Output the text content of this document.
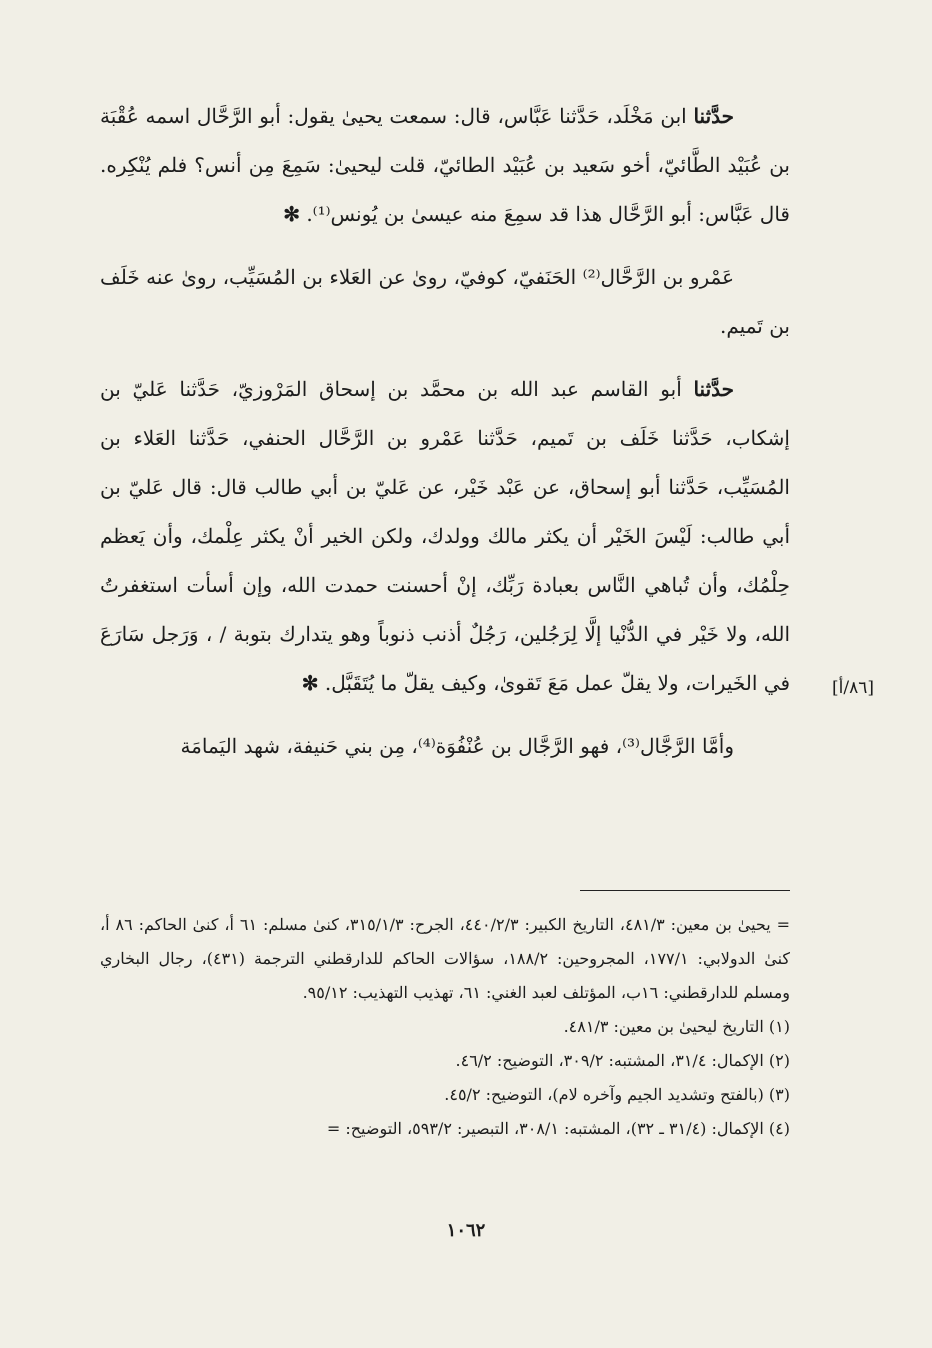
حدَّثنا ابن مَخْلَد، حَدَّثنا عَبَّاس، قال: سمعت يحيىٰ يقول: أبو الرَّحَّال اسمه عُقْبَة بن عُبَيْد الطَّائيّ، أخو سَعيد بن عُبَيْد الطائيّ، قلت ليحيىٰ: سَمِعَ مِن أنس؟ فلم يُنْكِره. قال عَبَّاس: أبو الرَّحَّال هذا قد سمِعَ منه عيسىٰ بن يُونس⁽¹⁾. ✻

عَمْرو بن الرَّحَّال⁽²⁾ الحَنَفيّ، كوفيّ، روىٰ عن العَلاء بن المُسَيِّب، روىٰ عنه خَلَف بن تَميم.

حدَّثنا أبو القاسم عبد الله بن محمَّد بن إسحاق المَرْوزيّ، حَدَّثنا عَليّ بن إشكاب، حَدَّثنا خَلَف بن تَميم، حَدَّثنا عَمْرو بن الرَّحَّال الحنفي، حَدَّثنا العَلاء بن المُسَيِّب، حَدَّثنا أبو إسحاق، عن عَبْد خَيْر، عن عَليّ بن أبي طالب قال: قال عَليّ بن أبي طالب: لَيْسَ الخَيْر أن يكثر مالك وولدك، ولكن الخير أنْ يكثر عِلْمك، وأن يَعظم حِلْمُك، وأن تُباهي النَّاس بعبادة رَبِّك، إنْ أحسنت حمدت الله، وإن أسأت استغفرتُ الله، ولا خَيْر في الدُّنْيا إلَّا لِرَجُلين، رَجُلٌ أذنب ذنوباً وهو يتدارك بتوبة / ، وَرَجل سَارَعَ في الخَيرات، ولا يقلّ عمل مَعَ تَقوىٰ، وكيف يقلّ ما يُتَقَبَّل. ✻

وأمَّا الرَّجَّال⁽³⁾، فهو الرَّجَّال بن عُنْفُوَة⁽⁴⁾، مِن بني حَنيفة، شهد اليَمامَة

[٨٦/أ]

= يحيىٰ بن معين: ٤٨١/٣، التاريخ الكبير: ٤٤٠/٢/٣، الجرح: ٣١٥/١/٣، كنىٰ مسلم: ٦١ أ، كنىٰ الحاكم: ٨٦ أ، كنىٰ الدولابي: ١٧٧/١، المجروحين: ١٨٨/٢، سؤالات الحاكم للدارقطني الترجمة (٤٣١)، رجال البخاري ومسلم للدارقطني: ١٦ب، المؤتلف لعبد الغني: ٦١، تهذيب التهذيب: ٩٥/١٢.

(١) التاريخ ليحيىٰ بن معين: ٤٨١/٣.

(٢) الإكمال: ٣١/٤، المشتبه: ٣٠٩/٢، التوضيح: ٤٦/٢.

(٣) (بالفتح وتشديد الجيم وآخره لام)، التوضيح: ٤٥/٢.

(٤) الإكمال: (٣١/٤ ـ ٣٢)، المشتبه: ٣٠٨/١، التبصير: ٥٩٣/٢، التوضيح: =

١٠٦٢
